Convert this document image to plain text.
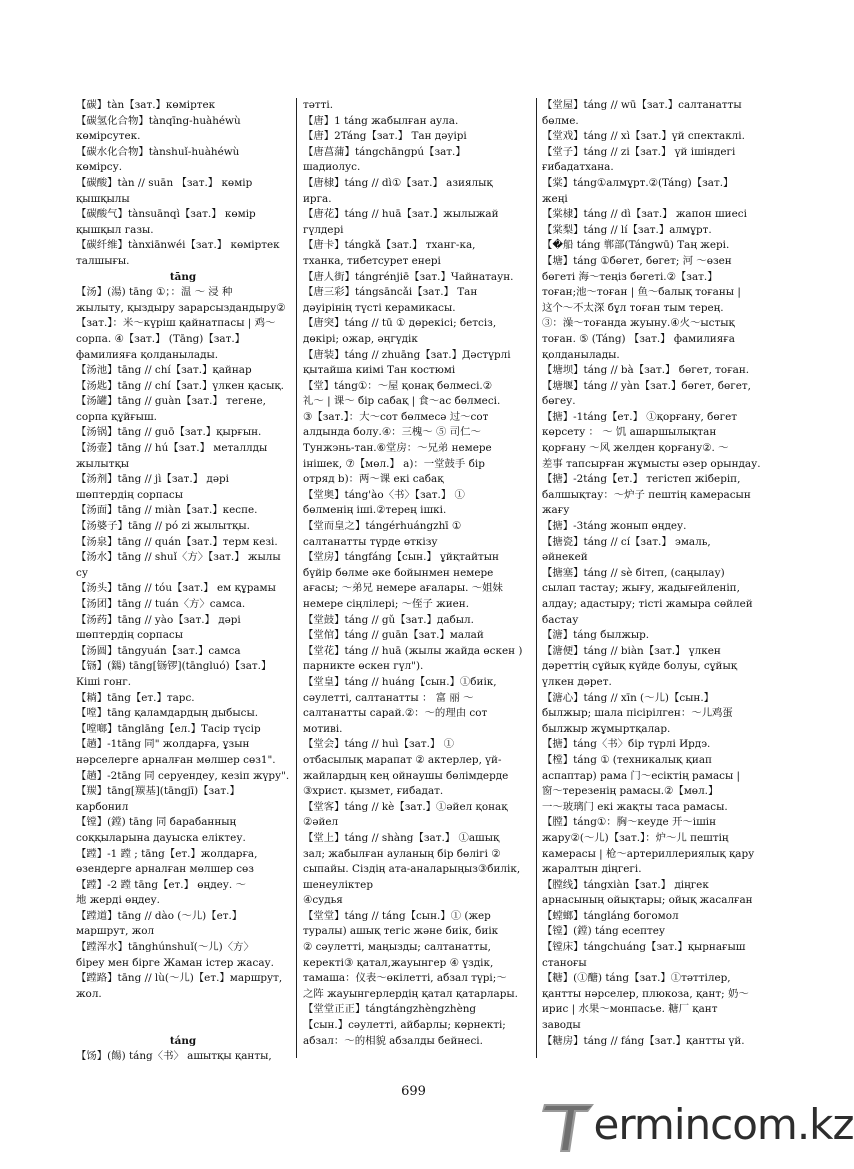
【碳】tàn【зат.】көміртек
【碳氢化合物】tànqīng-huàhéwù
көмірсутек.
【碳水化合物】tànshuǐ-huàhéwù
көмірсу.
【碳酸】tàn // suān 【зат.】 көмір
қышқылы
【碳酸气】tànsuānqì【зат.】 көмір
қышқыл газы.
【碳纤维】tànxiānwéi【зат.】 көміртек
талшығы.
tāng
【汤】(湯) tāng ①；：温 ～ 浸 种
жылыту, қыздыру зарарсыздандыру②
【зат.】：米～күріш қайнатпасы | 鸡～
сорпа. ④【зат.】 (Tāng)【зат.】
фамилияға қолданылады.
【汤池】tāng // chí【зат.】қайнар
【汤匙】tāng // chí【зат.】үлкен қасық.
【汤罐】tāng // guàn【зат.】 тегене,
сорпа құйғыш.
【汤锅】tāng // guō【зат.】қырғын.
【汤壶】tāng // hú【зат.】 металлды
жылытқы
【汤剂】tāng // jì【зат.】 дәрі
шөптердің сорпасы
【汤面】tāng // miàn【зат.】кеспе.
【汤婆子】tāng // pó zi жылытқы.
【汤泉】tāng // quán【зат.】терм кезі.
【汤水】tāng // shuǐ〈方〉【зат.】 жылы
су
【汤头】tāng // tóu【зат.】 ем құрамы
【汤团】tāng // tuán〈方〉самса.
【汤药】tāng // yào【зат.】 дәрі
шөптердің сорпасы
【汤圆】tāngyuán【зат.】самса
【铴】(鐋) tāng[铴锣](tāngluó)【зат.】
Кіші гонг.
【耥】tāng【ет.】тарс.
【嘡】tāng қаламдардың дыбысы.
【嘡啷】tānglāng【ел.】Тасір түсір
【趟】-1tāng 同" жолдарға, ұзын
нәрселерге арналған мөлшер сөз1".
【趟】-2tāng 同 серуендеу, кезіп жүру".
【羰】tāng[羰基](tāngjī)【зат.】
карбонил
【镗】(鏜) tāng 同 барабанның
соққыларына дауыска еліктеу.
【蹚】-1 蹚 ; tāng【ет.】жолдарға,
өзендерге арналған мөлшер сөз
【蹚】-2 蹚 tāng【ет.】 өңдеу. ～
地 жерді өңдеу.
【蹚道】tāng // dào (～儿)【ет.】
маршрут, жол
【蹚浑水】tānghúnshuǐ(～儿)〈方〉
біреу мен бірге Жаман істер жасау.
【蹚路】tāng // lù(～儿)【ет.】маршрут,
жол.
táng
【饧】(餳) táng〈书〉 ашытқы қанты,
тәтті.
【唐】1 táng жабылған аула.
【唐】2Táng【зат.】 Тан дәуірі
【唐菖蒲】tángchāngpú【зат.】
шадиолус.
【唐棣】táng // dì①【зат.】 азиялық
ирга.
【唐花】táng // huā【зат.】жылыжай
гүлдері
【唐卡】tángkǎ【зат.】 тханг-ка,
тханка, тибетсурет енері
【唐人街】tángrénjiē【зат.】Чайнатаун.
【唐三彩】tángsāncǎi【зат.】 Тан
дәуірінің түсті керамикасы.
【唐突】táng // tū ① дөрекісі; бетсіз,
дөкірі; ожар, әңгүдік
【唐装】táng // zhuāng【зат.】Дәстүрлі
қытайша киімі Тан костюмі
【堂】táng①：～屋 қонақ бөлмесі.②
礼～ | 课～ бір сабақ | 食～ас бөлмесі.
③【зат.】：大～сот бөлмесә 过～сот
алдында болу.④：三槐～ ⑤ 司仁～
Тунжэнь-тан.⑥堂房：～兄弟 немере
інішек, ⑦【мөл.】 a)：一堂鼓手 бір
отряд b)：两～课 екі сабақ
【堂奥】táng'ào〈书〉【зат.】 ①
бөлменің іші.②терең ішкі.
【堂而皇之】tángérhuángzhī ①
салтанатты түрде өткізу
【堂房】tángfáng【сын.】 ұйқтайтын
бүйір бөлме әке бойынмен немере
ағасы; ～弟兄 немере ағалары. ～姐妹
немере сіңлілері; ～侄子 жиен.
【堂鼓】táng // gǔ【зат.】дабыл.
【堂倌】táng // guān【зат.】малай
【堂花】táng // huā (жылы жайда өскен )
парникте өскен гүл").
【堂皇】táng // huáng【сын.】①биік,
сәулетті, салтанатты ： 富 丽 ～
салтанатты сарай.②：～的理由 сот
мотиві.
【堂会】táng // huì【зат.】 ①
отбасылық марапат ② актерлер, үй-
жайлардың кең ойнаушы бөлімдерде
③христ. қызмет, ғибадат.
【堂客】táng // kè【зат.】①әйел қонақ
②әйел
【堂上】táng // shàng【зат.】 ①ашық
зал; жабылған ауланың бір бөлігі ②
сыпайы. Сіздің ата-аналарыңыз③билік,
шенеуліктер
④судья
【堂堂】táng // táng【сын.】① (жер
туралы) ашық тегіс және биік, биік
② сәулетті, маңызды; салтанатты,
керекті③ қатал,жауынгер ④ үздік,
тамаша：仪表～өкілетті, абзал түрі;～
之阵 жауынгерлердің қатал қатарлары.
【堂堂正正】tángtángzhèngzhèng
【сын.】сәулетті, айбарлы; көрнекті;
абзал：～的相貌 абзалды бейнесі.
【堂屋】táng // wū【зат.】салтанатты
бөлме.
【堂戏】táng // xì【зат.】үй спектаклі.
【堂子】táng // zi【зат.】 үй ішіндегі
ғибадатхана.
【棠】táng①алмұрт.②(Táng)【зат.】
жеңі
【棠棣】táng // dì【зат.】 жапон шиесі
【棠梨】táng // lí【зат.】алмұрт.
【�船 táng 郸部(Tángwū) Таң жері.
【塘】táng ①бөгет, бөгет; 河 ～өзен
бөгеті 海～теңіз бөгеті.②【зат.】
тоған;池～тоған | 鱼～балық тоғаны |
这个～不太深 бұл тоған тым терең.
③：澡～тоғанда жуыну.④火～ыстық
тоған. ⑤ (Táng) 【зат.】 фамилияға
қолданылады.
【塘坝】táng // bà【зат.】 бөгет, тоған.
【塘堰】táng // yàn【зат.】бөгет, бөгет,
бөгеу.
【搪】-1táng【ет.】 ①қорғану, бөгет
көрсету ： ～ 饥 ашаршылықтан
қорғану ～风 желден қорғану②. ～
差事 тапсырған жұмысты әзер орындау.
【搪】-2táng【ет.】 тегістеп жіберіп,
балшықтау：～炉子 пештің камерасын
жағу
【搪】-3táng жонып өңдеу.
【搪瓷】táng // cí【зат.】 эмаль,
әйнекей
【搪塞】táng // sè бітеп, (саңылау)
сылап тастау; жығу, жадығейленіп,
алдау; адастыру; тісті жамыра сөйлей
бастау
【溏】táng былжыр.
【溏便】táng // biàn【зат.】 үлкен
дәреттің сұйық күйде болуы, сұйық
үлкен дәрет.
【溏心】táng // xīn (～儿)【сын.】
былжыр; шала пісірілген：～儿鸡蛋
былжыр жұмыртқалар.
【搪】táng〈书〉бір түрлі Ирдэ.
【樘】táng ① (техникалық қиап
аспаптар) рама 门～есіктің рамасы |
窗～терезенің рамасы.②【мөл.】
一～玻璃门 екі жақты таса рамасы.
【膛】táng①：胸～кеуде 开～ішін
жару②(～儿)【зат.】：炉～儿 пештің
камерасы | 枪～артериллериялық қару
жаралтын діңгегі.
【膛线】tángxiàn【зат.】 діңгек
арнасының ойықтары; ойық жасалған
【螳螂】tángláng богомол
【镗】(鏜) táng есептеу
【镗床】tángchuáng【зат.】қырнағыш
станоғы
【糖】(①醣) táng【зат.】①тәттілер,
қантты нәрселер, плюкоза, қант; 奶～
ирис | 水果～монпасье. 糖厂 қант
заводы
【糖房】táng // fáng【зат.】қантты үй.
699
ermincom.kz
